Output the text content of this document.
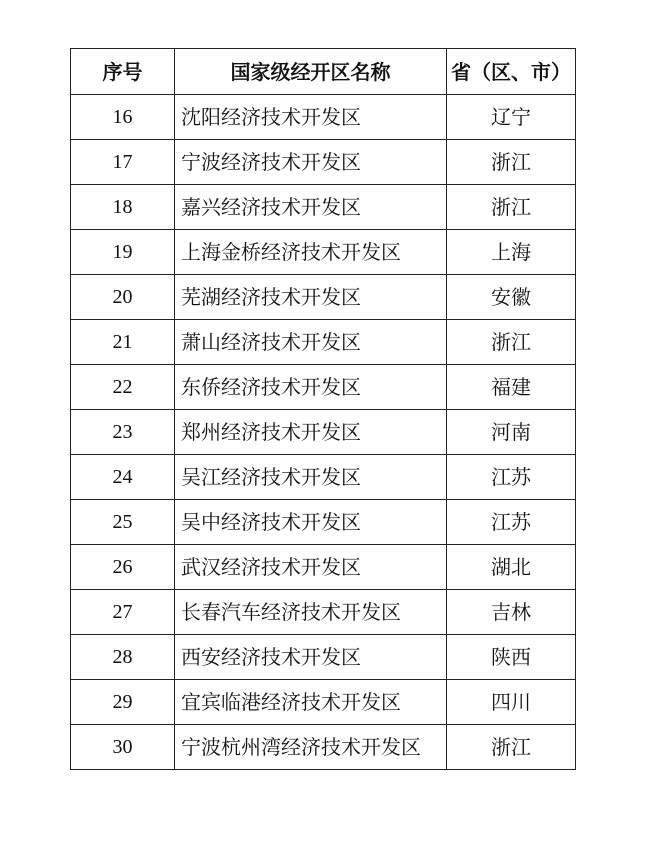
序号	国家级经开区名称	省（区、市）
16	沈阳经济技术开发区	辽宁
17	宁波经济技术开发区	浙江
18	嘉兴经济技术开发区	浙江
19	上海金桥经济技术开发区	上海
20	芜湖经济技术开发区	安徽
21	萧山经济技术开发区	浙江
22	东侨经济技术开发区	福建
23	郑州经济技术开发区	河南
24	吴江经济技术开发区	江苏
25	吴中经济技术开发区	江苏
26	武汉经济技术开发区	湖北
27	长春汽车经济技术开发区	吉林
28	西安经济技术开发区	陕西
29	宜宾临港经济技术开发区	四川
30	宁波杭州湾经济技术开发区	浙江
